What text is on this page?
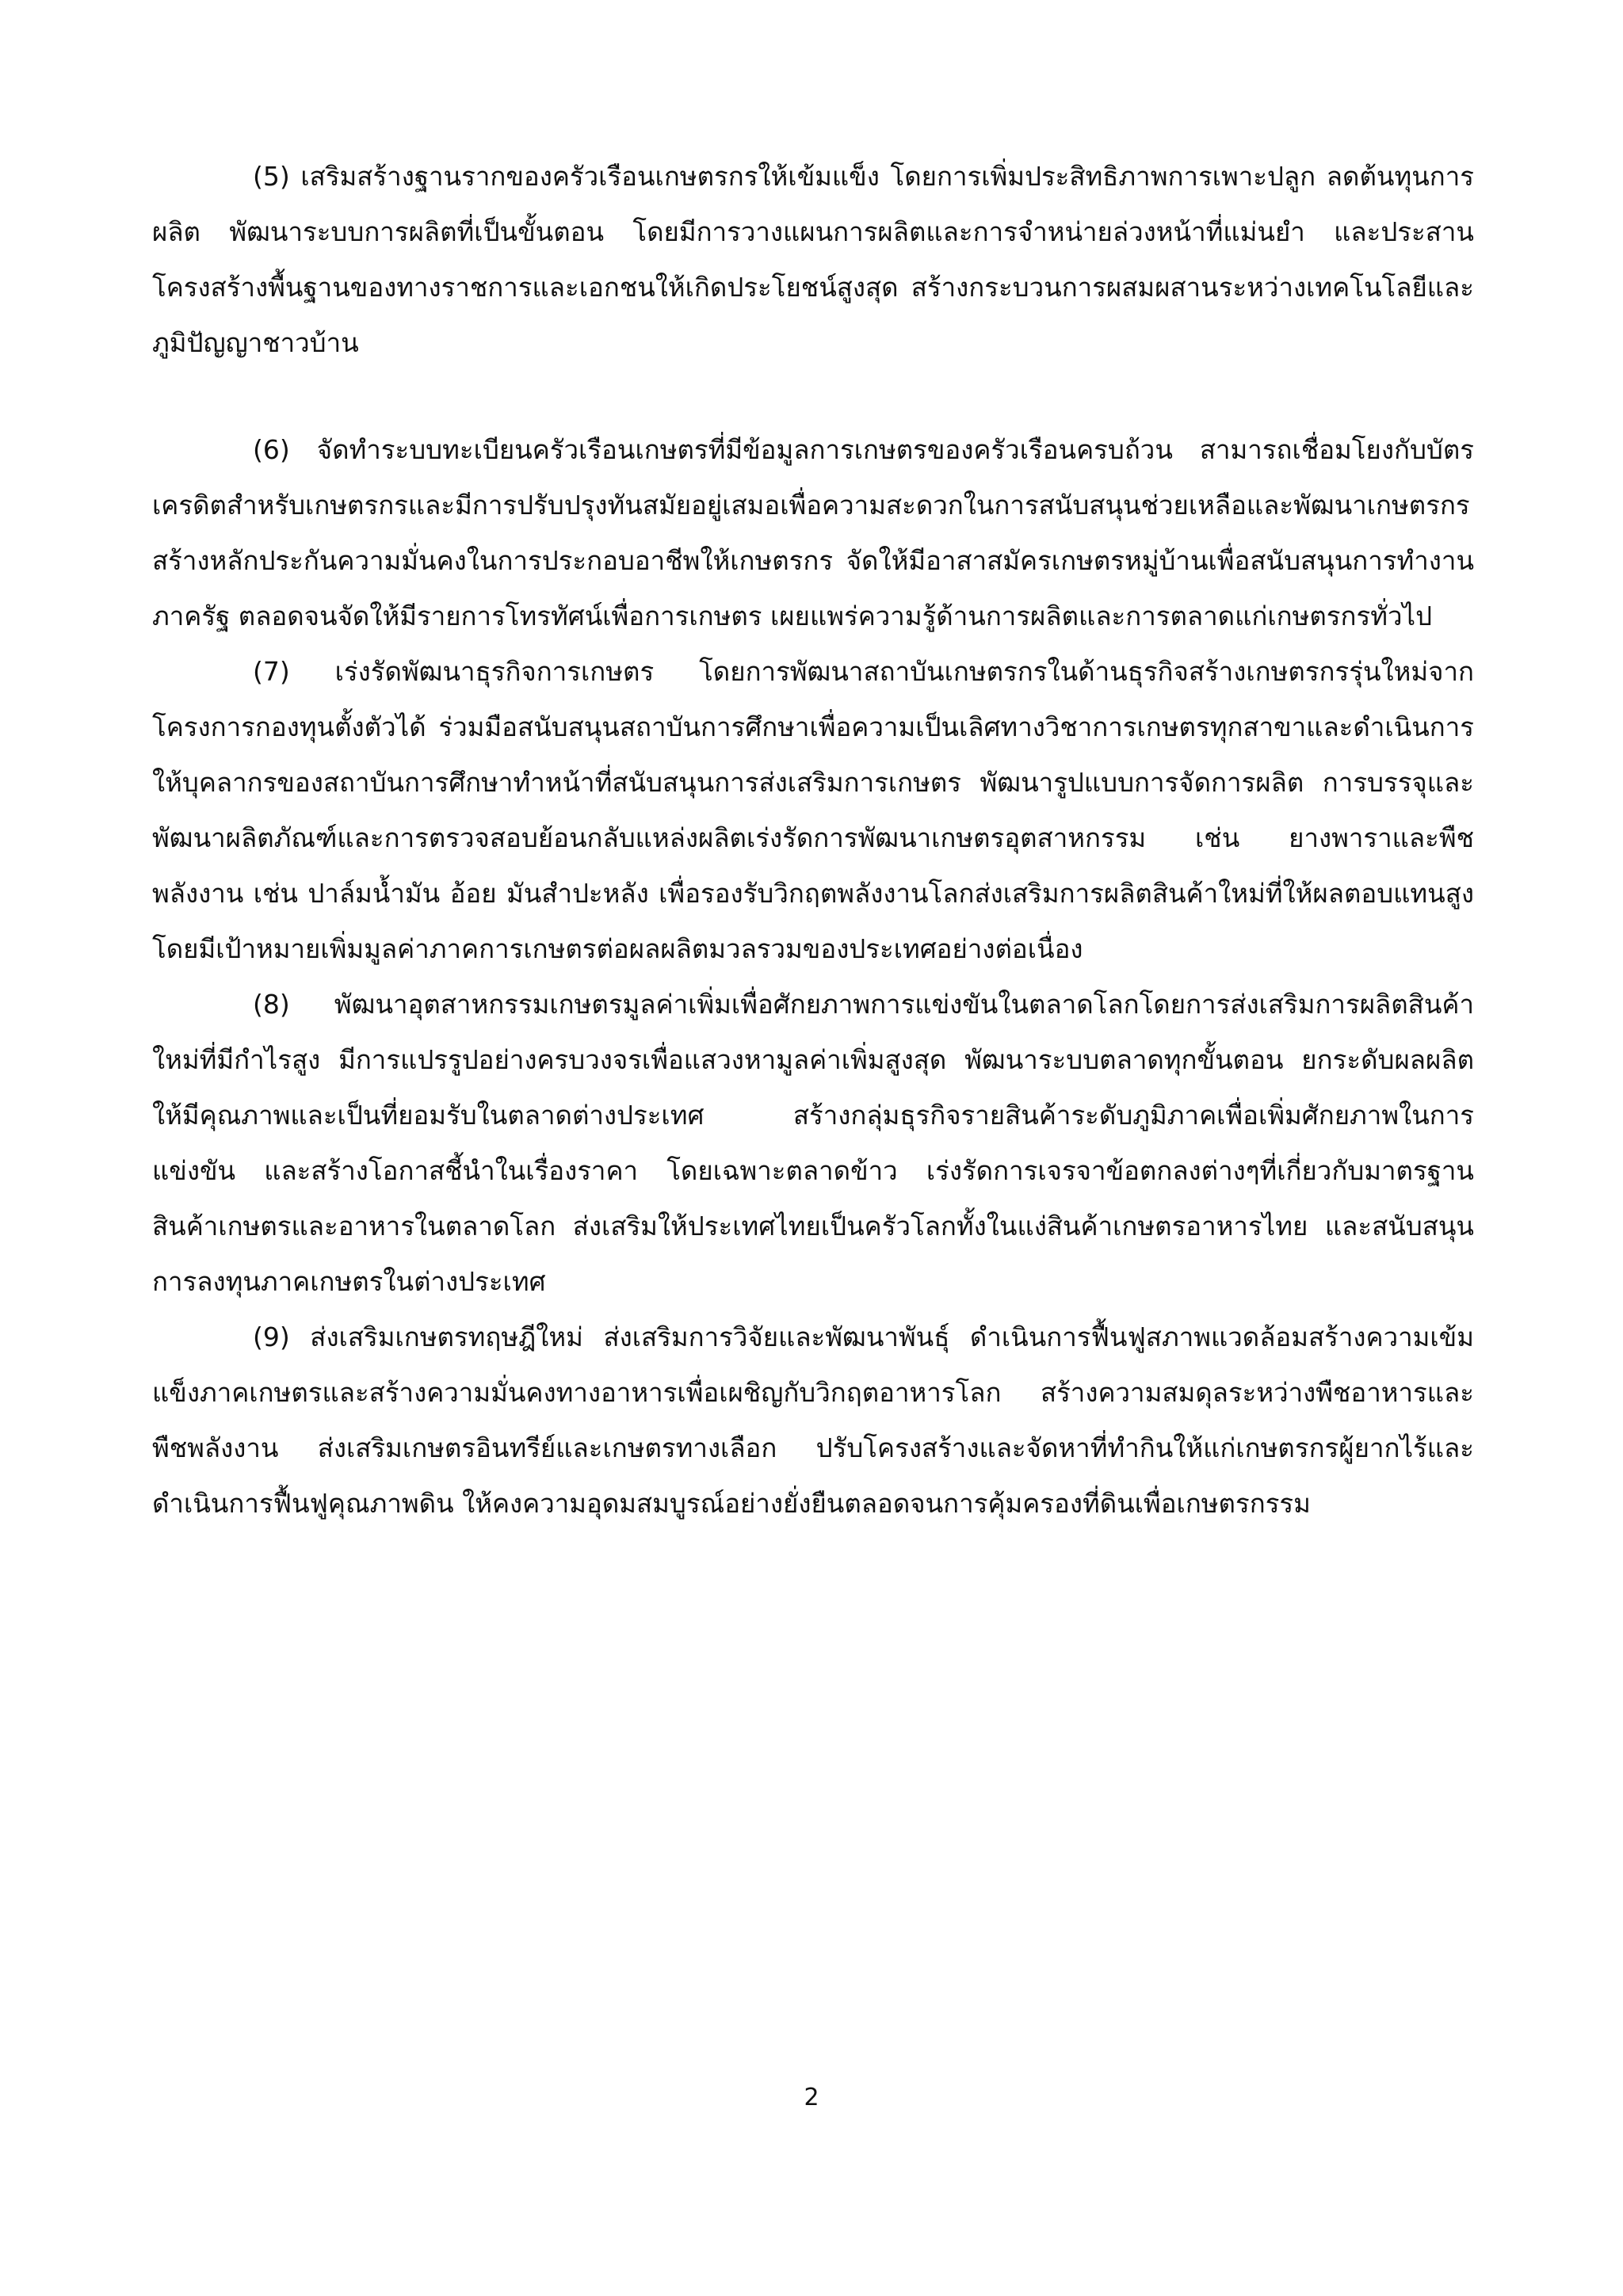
(5) เสริมสร้างฐานรากของครัวเรือนเกษตรกรให้เข้มแข็ง โดยการเพิ่มประสิทธิภาพการเพาะปลูก ลดต้นทุนการผลิต พัฒนาระบบการผลิตที่เป็นขั้นตอน โดยมีการวางแผนการผลิตและการจำหน่ายล่วงหน้าที่แม่นยำ และประสานโครงสร้างพื้นฐานของทางราชการและเอกชนให้เกิดประโยชน์สูงสุด สร้างกระบวนการผสมผสานระหว่างเทคโนโลยีและภูมิปัญญาชาวบ้าน

(6) จัดทำระบบทะเบียนครัวเรือนเกษตรที่มีข้อมูลการเกษตรของครัวเรือนครบถ้วน สามารถเชื่อมโยงกับบัตรเครดิตสำหรับเกษตรกรและมีการปรับปรุงทันสมัยอยู่เสมอเพื่อความสะดวกในการสนับสนุนช่วยเหลือและพัฒนาเกษตรกร สร้างหลักประกันความมั่นคงในการประกอบอาชีพให้เกษตรกร จัดให้มีอาสาสมัครเกษตรหมู่บ้านเพื่อสนับสนุนการทำงานภาครัฐ ตลอดจนจัดให้มีรายการโทรทัศน์เพื่อการเกษตร เผยแพร่ความรู้ด้านการผลิตและการตลาดแก่เกษตรกรทั่วไป

(7) เร่งรัดพัฒนาธุรกิจการเกษตร โดยการพัฒนาสถาบันเกษตรกรในด้านธุรกิจสร้างเกษตรกรรุ่นใหม่จากโครงการกองทุนตั้งตัวได้ ร่วมมือสนับสนุนสถาบันการศึกษาเพื่อความเป็นเลิศทางวิชาการเกษตรทุกสาขาและดำเนินการให้บุคลากรของสถาบันการศึกษาทำหน้าที่สนับสนุนการส่งเสริมการเกษตร พัฒนารูปแบบการจัดการผลิต การบรรจุและพัฒนาผลิตภัณฑ์และการตรวจสอบย้อนกลับแหล่งผลิตเร่งรัดการพัฒนาเกษตรอุตสาหกรรม เช่น ยางพาราและพืชพลังงาน เช่น ปาล์มน้ำมัน อ้อย มันสำปะหลัง เพื่อรองรับวิกฤตพลังงานโลกส่งเสริมการผลิตสินค้าใหม่ที่ให้ผลตอบแทนสูง โดยมีเป้าหมายเพิ่มมูลค่าภาคการเกษตรต่อผลผลิตมวลรวมของประเทศอย่างต่อเนื่อง

(8) พัฒนาอุตสาหกรรมเกษตรมูลค่าเพิ่มเพื่อศักยภาพการแข่งขันในตลาดโลกโดยการส่งเสริมการผลิตสินค้าใหม่ที่มีกำไรสูง มีการแปรรูปอย่างครบวงจรเพื่อแสวงหามูลค่าเพิ่มสูงสุด พัฒนาระบบตลาดทุกขั้นตอน ยกระดับผลผลิตให้มีคุณภาพและเป็นที่ยอมรับในตลาดต่างประเทศ สร้างกลุ่มธุรกิจรายสินค้าระดับภูมิภาคเพื่อเพิ่มศักยภาพในการแข่งขัน และสร้างโอกาสชี้นำในเรื่องราคา โดยเฉพาะตลาดข้าว เร่งรัดการเจรจาข้อตกลงต่างๆที่เกี่ยวกับมาตรฐานสินค้าเกษตรและอาหารในตลาดโลก ส่งเสริมให้ประเทศไทยเป็นครัวโลกทั้งในแง่สินค้าเกษตรอาหารไทย และสนับสนุนการลงทุนภาคเกษตรในต่างประเทศ

(9) ส่งเสริมเกษตรทฤษฎีใหม่ ส่งเสริมการวิจัยและพัฒนาพันธุ์ ดำเนินการฟื้นฟูสภาพแวดล้อมสร้างความเข้มแข็งภาคเกษตรและสร้างความมั่นคงทางอาหารเพื่อเผชิญกับวิกฤตอาหารโลก สร้างความสมดุลระหว่างพืชอาหารและพืชพลังงาน ส่งเสริมเกษตรอินทรีย์และเกษตรทางเลือก ปรับโครงสร้างและจัดหาที่ทำกินให้แก่เกษตรกรผู้ยากไร้และดำเนินการฟื้นฟูคุณภาพดิน ให้คงความอุดมสมบูรณ์อย่างยั่งยืนตลอดจนการคุ้มครองที่ดินเพื่อเกษตรกรรม

2
